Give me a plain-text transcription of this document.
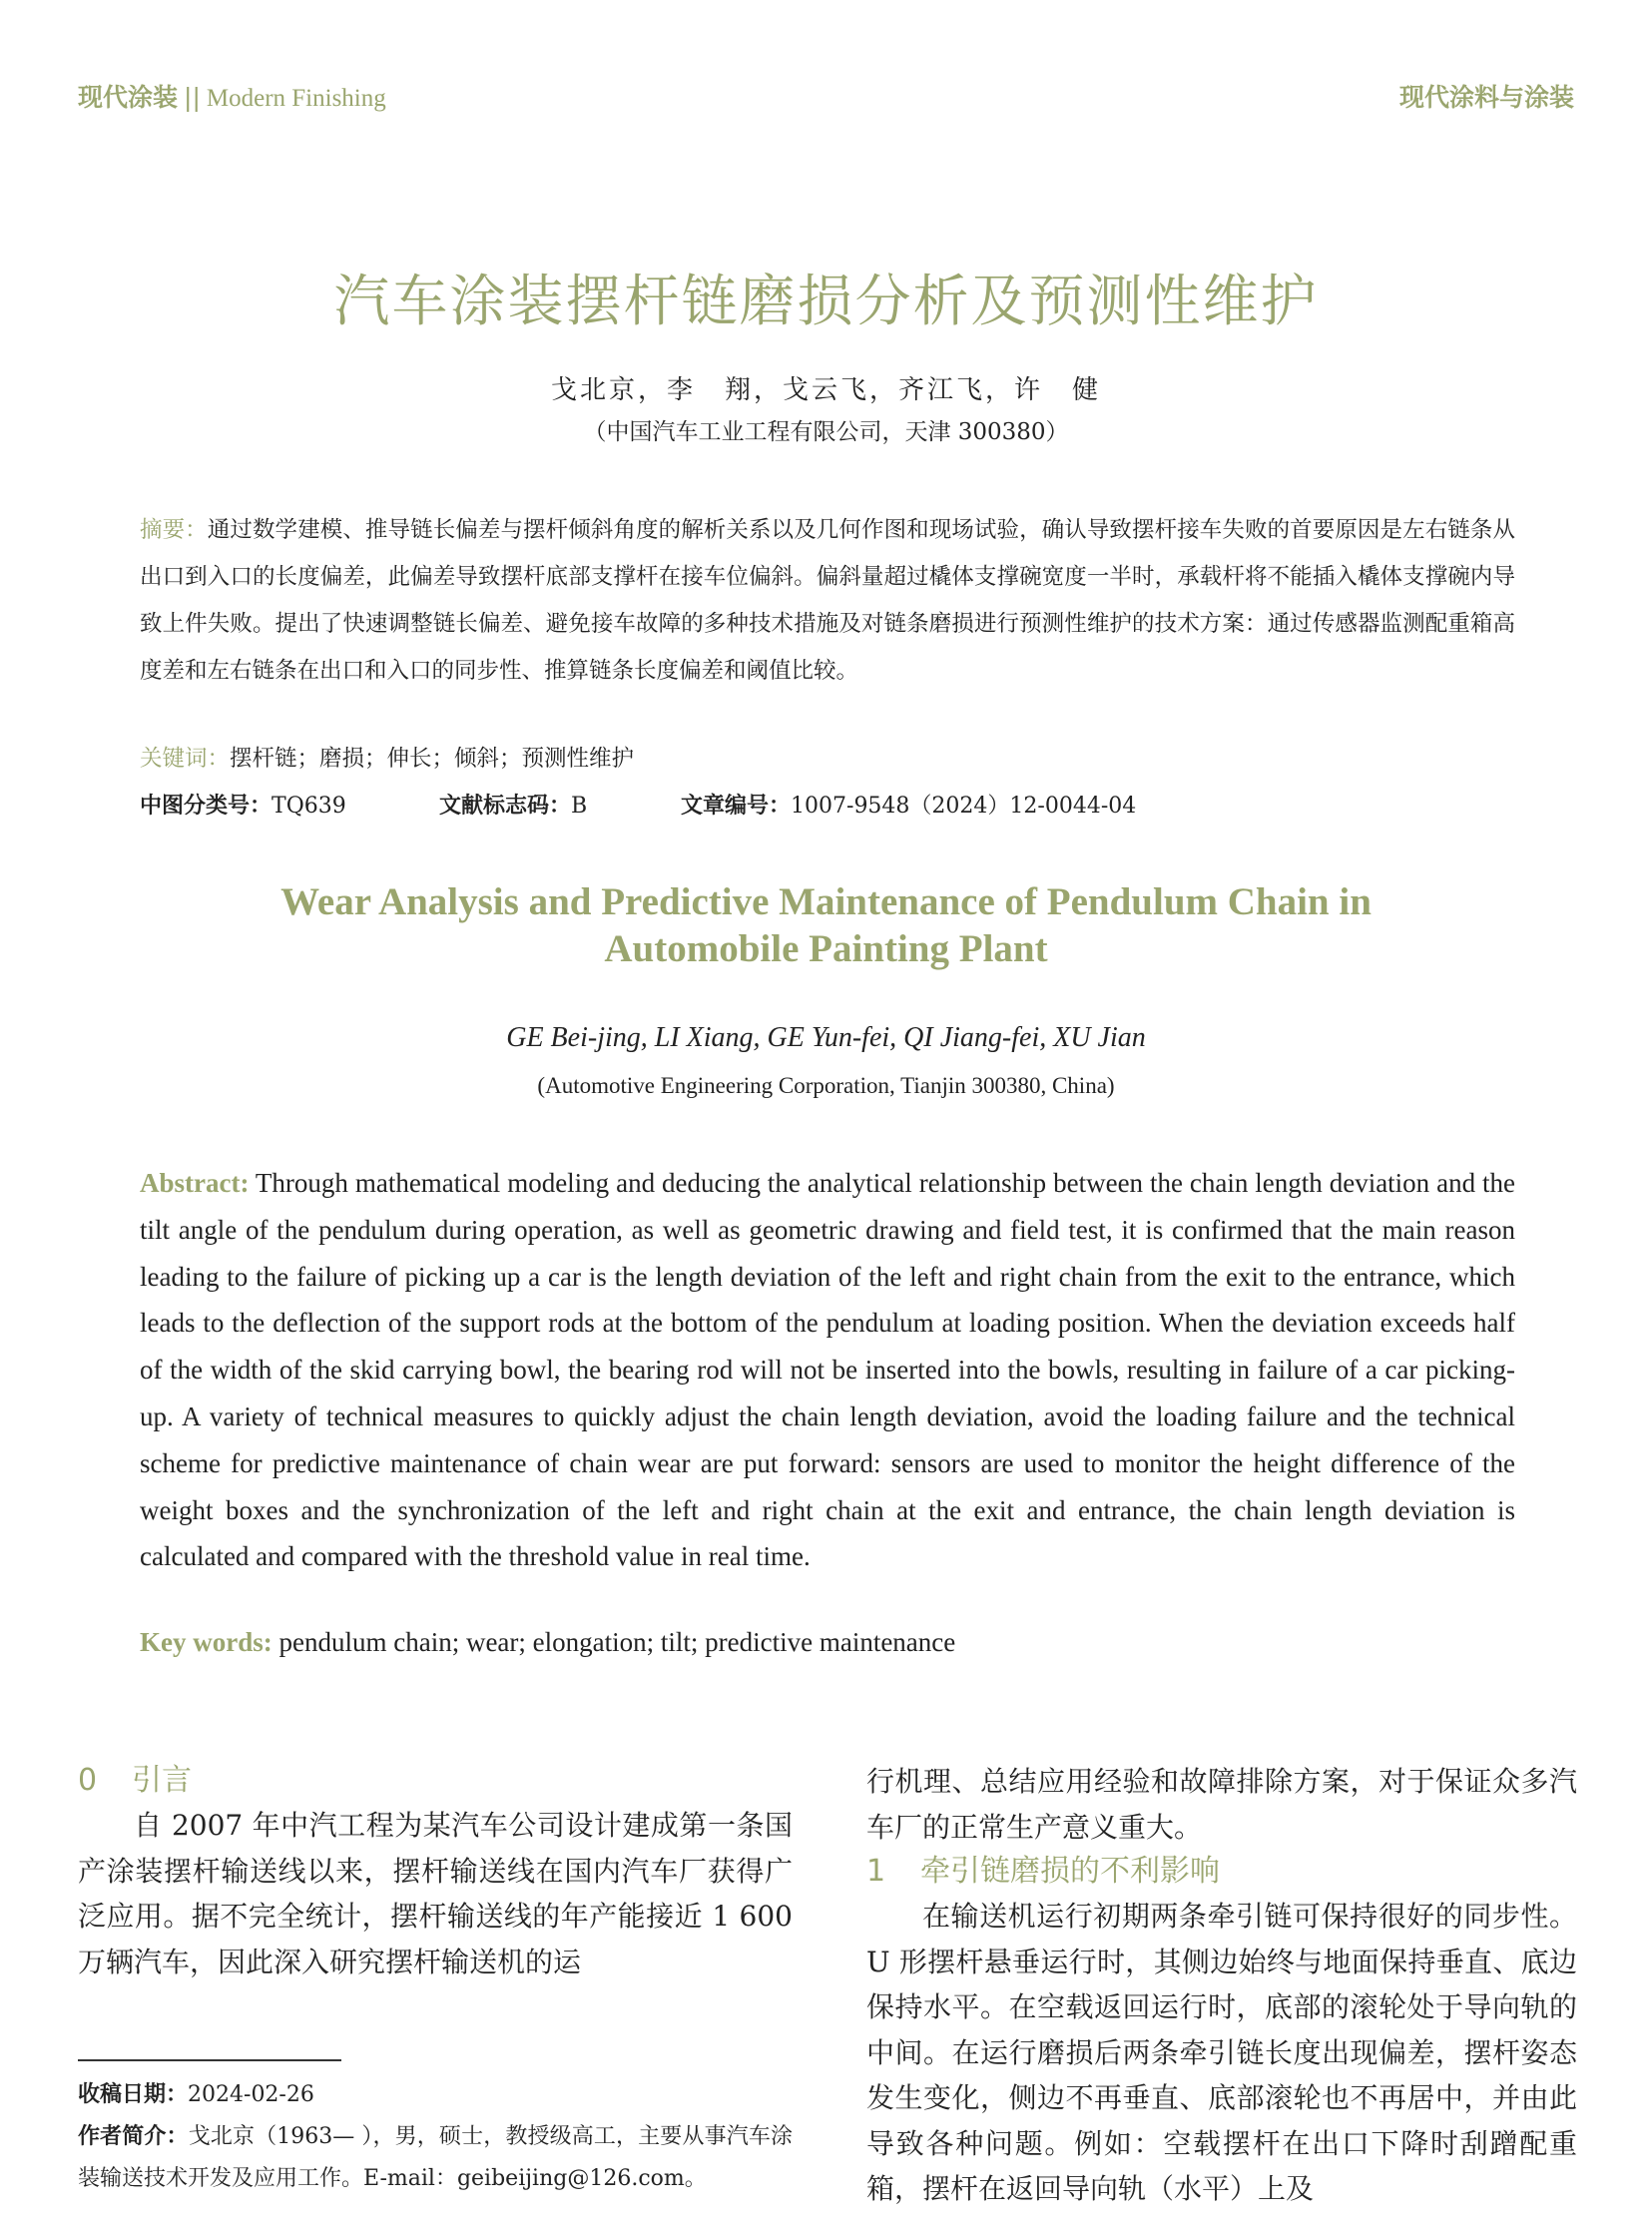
现代涂装 || Modern Finishing	现代涂料与涂装
汽车涂装摆杆链磨损分析及预测性维护
戈北京，李　翔，戈云飞，齐江飞，许　健
（中国汽车工业工程有限公司，天津 300380）
摘要：通过数学建模、推导链长偏差与摆杆倾斜角度的解析关系以及几何作图和现场试验，确认导致摆杆接车失败的首要原因是左右链条从出口到入口的长度偏差，此偏差导致摆杆底部支撑杆在接车位偏斜。偏斜量超过橇体支撑碗宽度一半时，承载杆将不能插入橇体支撑碗内导致上件失败。提出了快速调整链长偏差、避免接车故障的多种技术措施及对链条磨损进行预测性维护的技术方案：通过传感器监测配重箱高度差和左右链条在出口和入口的同步性、推算链条长度偏差和阈值比较。
关键词：摆杆链；磨损；伸长；倾斜；预测性维护
中图分类号：TQ639	文献标志码：B	文章编号：1007-9548（2024）12-0044-04
Wear Analysis and Predictive Maintenance of Pendulum Chain in
Automobile Painting Plant
GE Bei-jing, LI Xiang, GE Yun-fei, QI Jiang-fei, XU Jian
(Automotive Engineering Corporation, Tianjin 300380, China)
Abstract: Through mathematical modeling and deducing the analytical relationship between the chain length deviation and the tilt angle of the pendulum during operation, as well as geometric drawing and field test, it is confirmed that the main reason leading to the failure of picking up a car is the length deviation of the left and right chain from the exit to the entrance, which leads to the deflection of the support rods at the bottom of the pendulum at loading position. When the deviation exceeds half of the width of the skid carrying bowl, the bearing rod will not be inserted into the bowls, resulting in failure of a car picking-up. A variety of technical measures to quickly adjust the chain length deviation, avoid the loading failure and the technical scheme for predictive maintenance of chain wear are put forward: sensors are used to monitor the height difference of the weight boxes and the synchronization of the left and right chain at the exit and entrance, the chain length deviation is calculated and compared with the threshold value in real time.
Key words: pendulum chain; wear; elongation; tilt; predictive maintenance
0 引言

自 2007 年中汽工程为某汽车公司设计建成第一条国产涂装摆杆输送线以来，摆杆输送线在国内汽车厂获得广泛应用。据不完全统计，摆杆输送线的年产能接近 1 600 万辆汽车，因此深入研究摆杆输送机的运

行机理、总结应用经验和故障排除方案，对于保证众多汽车厂的正常生产意义重大。

1 牵引链磨损的不利影响

在输送机运行初期两条牵引链可保持很好的同步性。U 形摆杆悬垂运行时，其侧边始终与地面保持垂直、底边保持水平。在空载返回运行时，底部的滚轮处于导向轨的中间。在运行磨损后两条牵引链长度出现偏差，摆杆姿态发生变化，侧边不再垂直、底部滚轮也不再居中，并由此导致各种问题。例如：空载摆杆在出口下降时刮蹭配重箱，摆杆在返回导向轨（水平）上及

收稿日期：2024-02-26
作者简介：戈北京（1963— ），男，硕士，教授级高工，主要从事汽车涂装输送技术开发及应用工作。E-mail：geibeijing@126.com。
